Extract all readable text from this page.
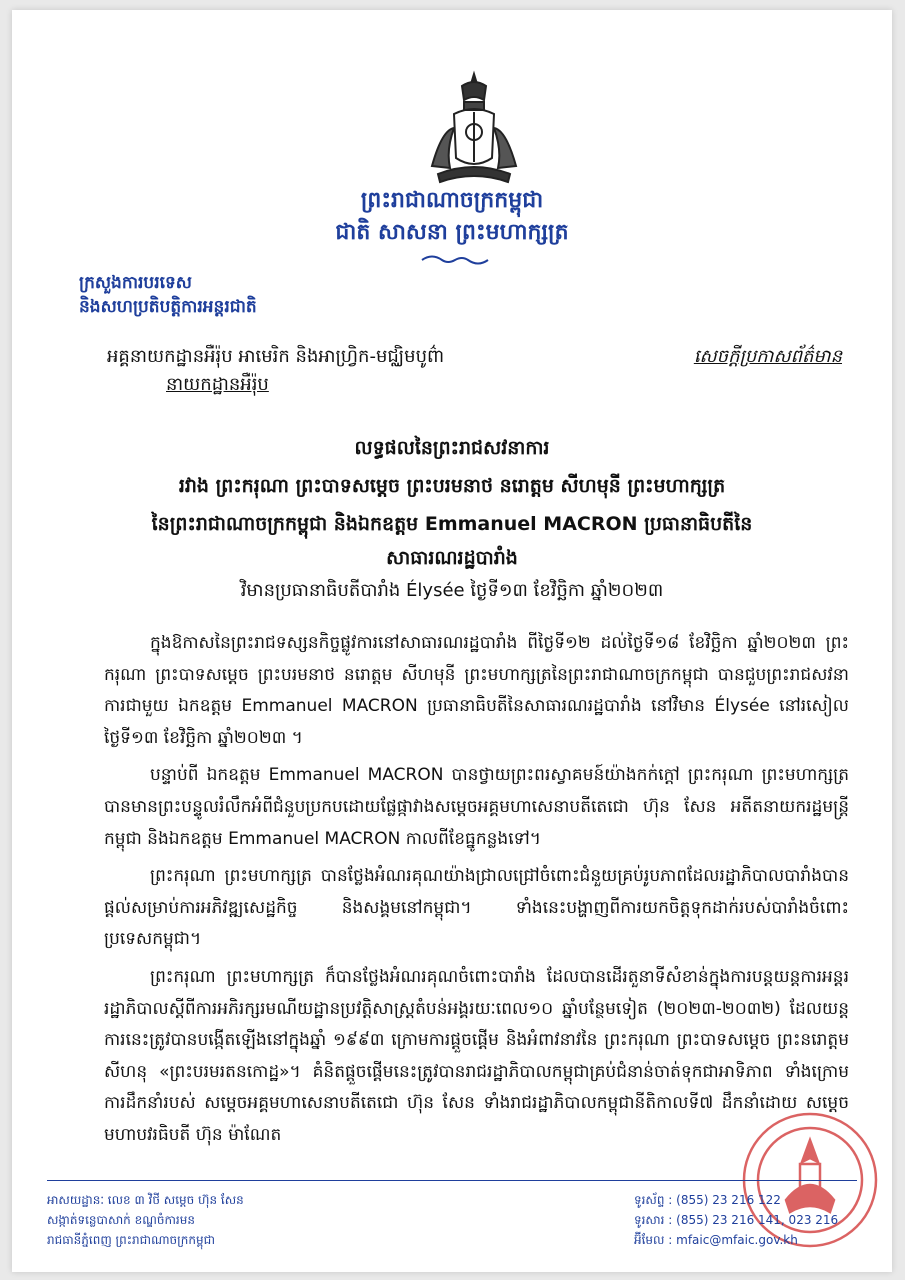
ព្រះរាជាណាចក្រកម្ពុជា
ជាតិ សាសនា ព្រះមហាក្សត្រ
ក្រសួងការបរទេស
និងសហប្រតិបត្តិការអន្តរជាតិ
អគ្គនាយកដ្ឋានអឺរ៉ុប អាមេរិក និងអាហ្វ្រិក-មជ្ឈិមបូព៌ា
នាយកដ្ឋានអឺរ៉ុប
សេចក្តីប្រកាសព័ត៌មាន
លទ្ធផលនៃព្រះរាជសវនាការ
រវាង ព្រះករុណា ព្រះបាទសម្តេច ព្រះបរមនាថ នរោត្តម សីហមុនី ព្រះមហាក្សត្រ
នៃព្រះរាជាណាចក្រកម្ពុជា និងឯកឧត្តម Emmanuel MACRON ប្រធានាធិបតីនៃ
សាធារណរដ្ឋបារាំង
វិមានប្រធានាធិបតីបារាំង Élysée ថ្ងៃទី១៣ ខែវិច្ឆិកា ឆ្នាំ២០២៣

ក្នុងឱកាសនៃព្រះរាជទស្សនកិច្ចផ្លូវការនៅសាធារណរដ្ឋបារាំង ពីថ្ងៃទី១២ ដល់ថ្ងៃទី១៨ ខែវិច្ឆិកា ឆ្នាំ២០២៣ ព្រះករុណា ព្រះបាទសម្តេច ព្រះបរមនាថ នរោត្តម សីហមុនី ព្រះមហាក្សត្រនៃព្រះរាជាណាចក្រកម្ពុជា បានជួបព្រះរាជសវនាការជាមួយ ឯកឧត្តម Emmanuel MACRON ប្រធានាធិបតីនៃសាធារណរដ្ឋបារាំង នៅវិមាន Élysée នៅរសៀលថ្ងៃទី១៣ ខែវិច្ឆិកា ឆ្នាំ២០២៣ ។

បន្ទាប់ពី ឯកឧត្តម Emmanuel MACRON បានថ្វាយព្រះពរស្វាគមន៍យ៉ាងកក់ក្តៅ ព្រះករុណា ព្រះមហាក្សត្រ បានមានព្រះបន្ទូលរំលឹកអំពីជំនួបប្រកបដោយផ្លែផ្កាវាងសម្តេចអគ្គមហាសេនាបតីតេជោ ហ៊ុន សែន អតីតនាយករដ្ឋមន្ត្រីកម្ពុជា និងឯកឧត្តម Emmanuel MACRON កាលពីខែធ្នូកន្លងទៅ។

ព្រះករុណា ព្រះមហាក្សត្រ បានថ្លែងអំណរគុណយ៉ាងជ្រាលជ្រៅចំពោះជំនួយគ្រប់រូបភាពដែលរដ្ឋាភិបាលបារាំងបានផ្តល់សម្រាប់ការអភិវឌ្ឍសេដ្ឋកិច្ច និងសង្គមនៅកម្ពុជា។ ទាំងនេះបង្ហាញពីការយកចិត្តទុកដាក់របស់បារាំងចំពោះប្រទេសកម្ពុជា។

ព្រះករុណា ព្រះមហាក្សត្រ ក៏បានថ្លែងអំណរគុណចំពោះបារាំង ដែលបានដើរតួនាទីសំខាន់ក្នុងការបន្តយន្តការអន្តររដ្ឋាភិបាលស្តីពីការអភិរក្សរមណីយដ្ឋានប្រវត្តិសាស្ត្រតំបន់អង្គរយៈពេល១០ ឆ្នាំបន្ថែមទៀត (២០២៣-២០៣២) ដែលយន្តការនេះត្រូវបានបង្កើតឡើងនៅក្នុងឆ្នាំ ១៩៩៣ ក្រោមការផ្តួចផ្តើម និងអំពាវនាវនៃ ព្រះករុណា ព្រះបាទសម្តេច ព្រះនរោត្តម សីហនុ «ព្រះបរមរតនកោដ្ឋ»។ គំនិតផ្តួចផ្តើមនេះត្រូវបានរាជរដ្ឋាភិបាលកម្ពុជាគ្រប់ជំនាន់ចាត់ទុកជាអាទិភាព ទាំងក្រោមការដឹកនាំរបស់ សម្តេចអគ្គមហាសេនាបតីតេជោ ហ៊ុន សែន ទាំងរាជរដ្ឋាភិបាលកម្ពុជានីតិកាលទី៧ ដឹកនាំដោយ សម្តេចមហាបវរធិបតី ហ៊ុន ម៉ាណែត

អាសយដ្ឋានៈ លេខ ៣ វិថី សម្តេច ហ៊ុន សែន
សង្កាត់ទន្លេបាសាក់ ខណ្ឌចំការមន
រាជធានីភ្នំពេញ ព្រះរាជាណាចក្រកម្ពុជា
ទូរស័ព្ទ : (855) 23 216 122
ទូរសារ : (855) 23 216 141, 023 216
អ៊ីមែល : mfaic@mfaic.gov.kh
